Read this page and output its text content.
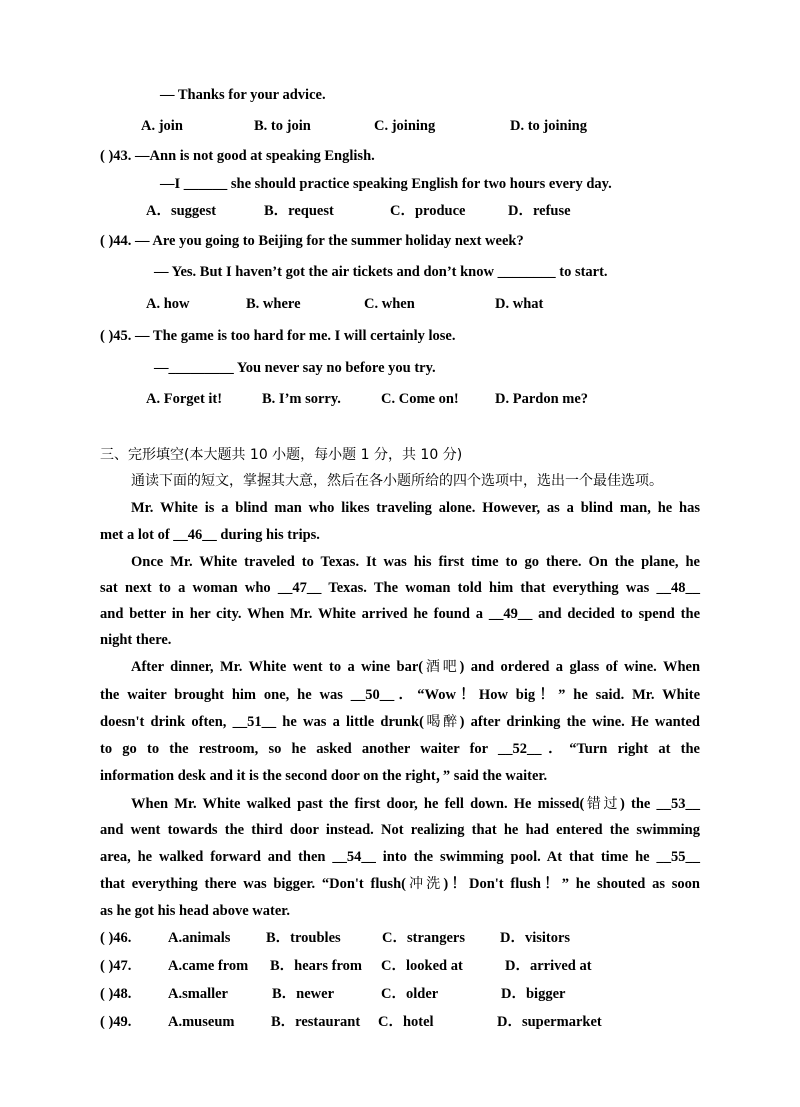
— Thanks for your advice.
A. join	B. to join	C. joining	D. to joining
( )43. —Ann is not good at speaking English.
—I ______ she should practice speaking English for two hours every day.
A．suggest	B．request	C．produce	D．refuse
( )44. — Are you going to Beijing for the summer holiday next week?
— Yes. But I haven’t got the air tickets and don’t know ________ to start.
A. how	B. where	C. when	D. what
( )45. — The game is too hard for me. I will certainly lose.
—_________ You never say no before you try.
A. Forget it!	B. I’m sorry.	C. Come on!	D. Pardon me?
三、完形填空(本大题共 10 小题，每小题 1 分，共 10 分)
通读下面的短文，掌握其大意，然后在各小题所给的四个选项中，选出一个最佳选项。
Mr. White is a blind man who likes traveling alone. However, as a blind man, he has
met a lot of __46__ during his trips.
Once Mr. White traveled to Texas. It was his first time to go there. On the plane, he
sat next to a woman who __47__ Texas. The woman told him that everything was __48__
and better in her city. When Mr. White arrived he found a __49__ and decided to spend the
night there.
After dinner, Mr. White went to a wine bar(酒吧) and ordered a glass of wine. When
the waiter brought him one, he was __50__．“Wow！How big！” he said. Mr. White
doesn't drink often, __51__ he was a little drunk(喝醉) after drinking the wine. He wanted
to go to the restroom, so he asked another waiter for __52__．“Turn right at the
information desk and it is the second door on the right，” said the waiter.
When Mr. White walked past the first door, he fell down. He missed(错过) the __53__
and went towards the third door instead. Not realizing that he had entered the swimming
area, he walked forward and then __54__ into the swimming pool. At that time he __55__
that everything there was bigger. “Don't flush(冲洗)！Don't flush！” he shouted as soon
as he got his head above water.
( )46.	A.animals B．troubles	C．strangers D．visitors
( )47.	A.came from B．hears from C．looked at	D．arrived at
( )48.	A.smaller	B．newer	C．older	D．bigger
( )49.	A.museum	B．restaurant C．hotel	D．supermarket
